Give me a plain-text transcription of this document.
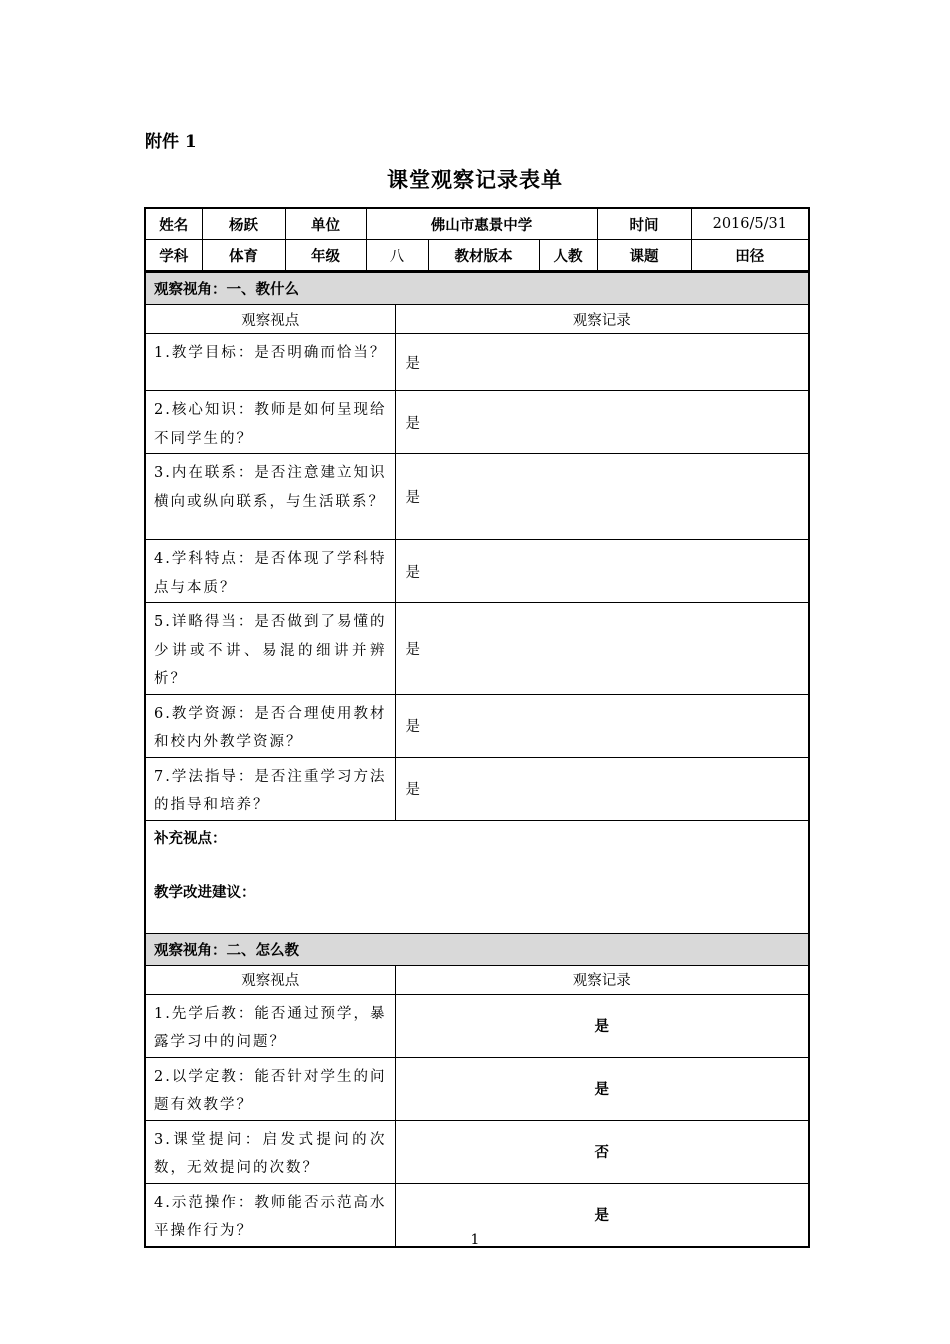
附件 1
课堂观察记录表单
姓名	杨跃	单位	佛山市惠景中学			时间	2016/5/31
学科	体育	年级	八	教材版本	人教	课题	田径
观察视角：一、教什么	
观察视点	观察记录
1.教学目标：是否明确而恰当？	是
2.核心知识：教师是如何呈现给不同学生的？	是
3.内在联系：是否注意建立知识横向或纵向联系，与生活联系？	是
4.学科特点：是否体现了学科特点与本质？	是
5.详略得当：是否做到了易懂的少讲或不讲、易混的细讲并辨析？	是
6.教学资源：是否合理使用教材和校内外教学资源？	是
7.学法指导：是否注重学习方法的指导和培养？	是

补充视点：
教学改进建议：	

观察视角：二、怎么教	
观察视点	观察记录
1.先学后教：能否通过预学，暴露学习中的问题？	是
2.以学定教：能否针对学生的问题有效教学？	是
3.课堂提问：启发式提问的次数，无效提问的次数？	否
4.示范操作：教师能否示范高水平操作行为？	是
1
